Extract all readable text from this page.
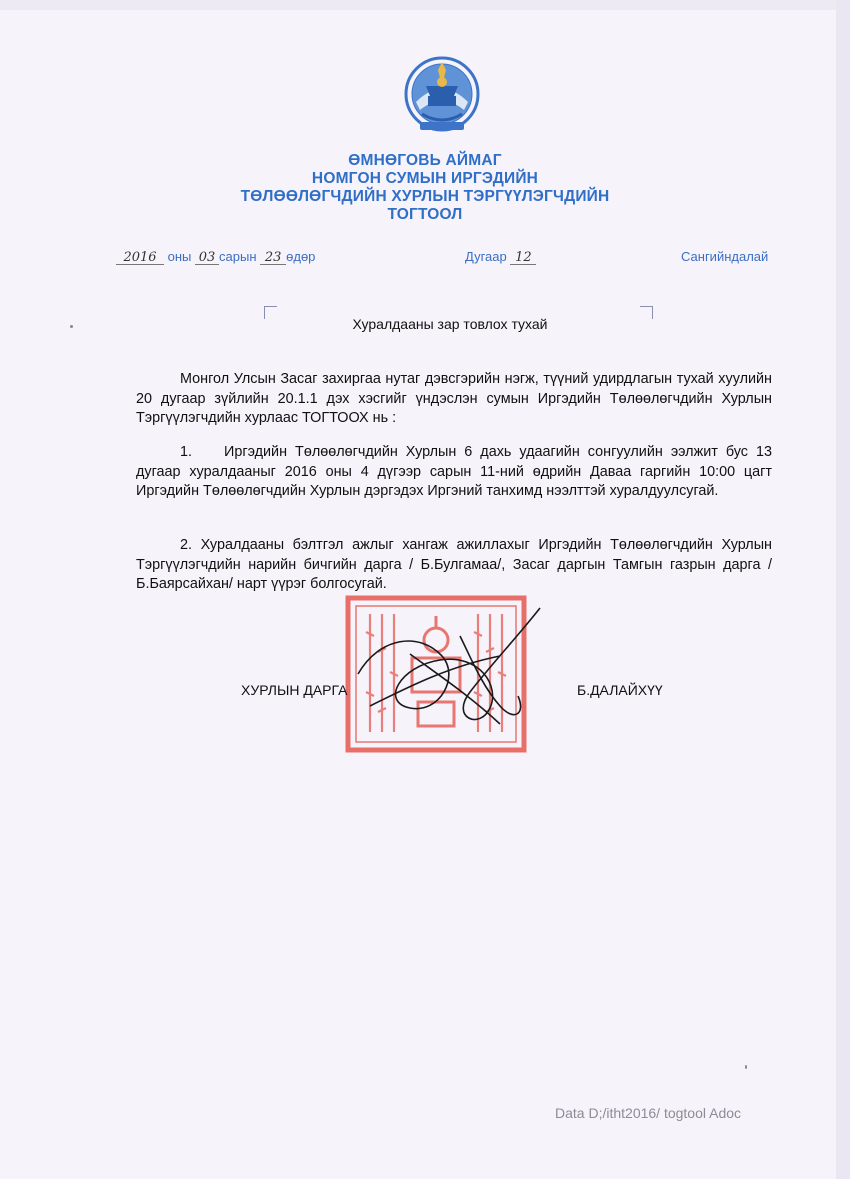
ӨМНӨГОВЬ АЙМАГ
НОМГОН СУМЫН ИРГЭДИЙН
ТӨЛӨӨЛӨГЧДИЙН ХУРЛЫН ТЭРГҮҮЛЭГЧДИЙН
ТОГТООЛ
2016 оны 03 сарын 23 өдөр	Дугаар 12	Сангийндалай
Хуралдааны зар товлох тухай
Монгол Улсын Засаг захиргаа нутаг дэвсгэрийн нэгж, түүний удирдлагын тухай хуулийн 20 дугаар зүйлийн 20.1.1 дэх хэсгийг үндэслэн сумын Иргэдийн Төлөөлөгчдийн Хурлын Тэргүүлэгчдийн хурлаас ТОГТООХ нь :
1. Иргэдийн Төлөөлөгчдийн Хурлын 6 дахь удаагийн сонгуулийн ээлжит бус 13 дугаар хуралдааныг 2016 оны 4 дүгээр сарын 11-ний өдрийн Даваа гаргийн 10:00 цагт Иргэдийн Төлөөлөгчдийн Хурлын дэргэдэх Иргэний танхимд нээлттэй хуралдуулсугай.
2. Хуралдааны бэлтгэл ажлыг хангаж ажиллахыг Иргэдийн Төлөөлөгчдийн Хурлын Тэргүүлэгчдийн нарийн бичгийн дарга / Б.Булгамаа/, Засаг даргын Тамгын газрын дарга /Б.Баярсайхан/ нарт үүрэг болгосугай.
ХУРЛЫН ДАРГА	Б.ДАЛАЙХҮҮ
Data D;/itht2016/ togtool Adoc
